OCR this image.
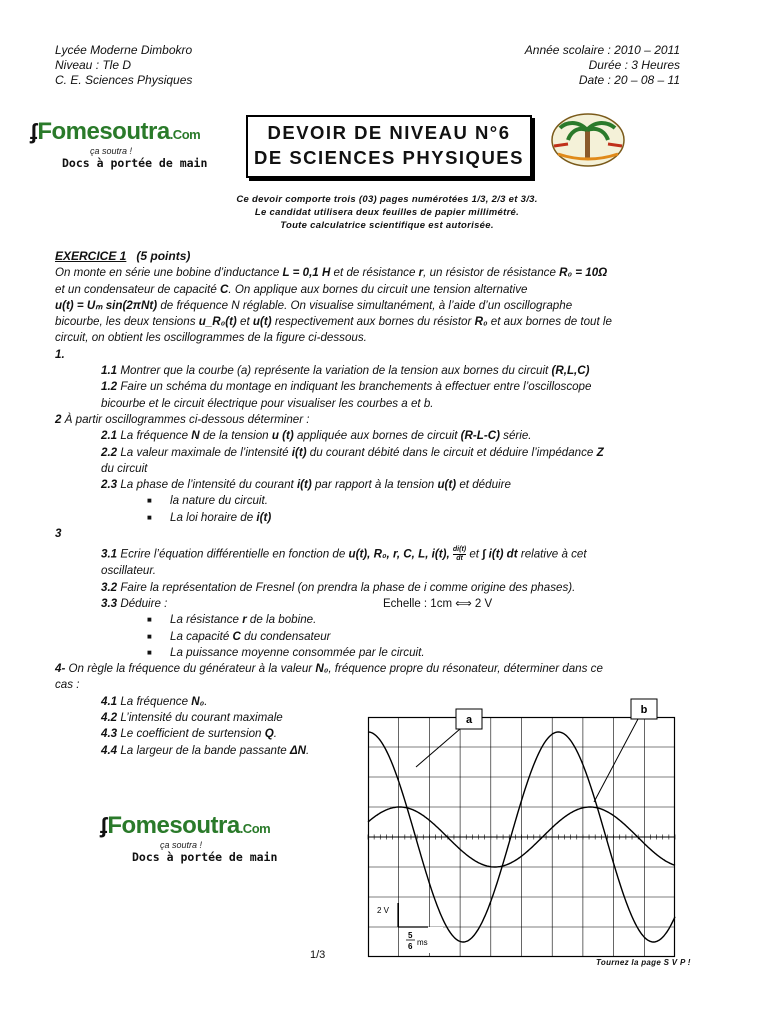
Lycée Moderne Dimbokro
Niveau : Tle D
C. E. Sciences Physiques
Année scolaire : 2010 – 2011
Durée : 3 Heures
Date : 20 – 08 – 11
ʄFomesoutra.Com
ça soutra !
Docs à portée de main
DEVOIR DE NIVEAU N°6
DE SCIENCES PHYSIQUES
Ce devoir comporte trois (03) pages numérotées 1/3, 2/3 et 3/3.
Le candidat utilisera deux feuilles de papier millimétré.
Toute calculatrice scientifique est autorisée.

EXERCICE 1 (5 points)

On monte en série une bobine d’inductance L = 0,1 H et de résistance r, un résistor de résistance R₀ = 10Ω

et un condensateur de capacité C. On applique aux bornes du circuit une tension alternative

u(t) = Uₘ sin(2πNt) de fréquence N réglable. On visualise simultanément, à l’aide d’un oscillographe

bicourbe, les deux tensions u_R₀(t) et u(t) respectivement aux bornes du résistor R₀ et aux bornes de tout le

circuit, on obtient les oscillogrammes de la figure ci-dessous.

1.

1.1 Montrer que la courbe (a) représente la variation de la tension aux bornes du circuit (R,L,C)

1.2 Faire un schéma du montage en indiquant les branchements à effectuer entre l’oscilloscope

bicourbe et le circuit électrique pour visualiser les courbes a et b.

2 À partir oscillogrammes ci-dessous déterminer :

2.1 La fréquence N de la tension u (t) appliquée aux bornes de circuit (R-L-C) série.

2.2 La valeur maximale de l’intensité i(t) du courant débité dans le circuit et déduire l’impédance Z

du circuit

2.3 La phase de l’intensité du courant i(t) par rapport à la tension u(t) et déduire

■ la nature du circuit.

■ La loi horaire de i(t)

3

3.1 Ecrire l’équation différentielle en fonction de u(t), R₀, r, C, L, i(t), $\frac{di(t)}{dt}$ et ∫ i(t) dt relative à cet

oscillateur.

3.2 Faire la représentation de Fresnel (on prendra la phase de i comme origine des phases).

3.3 Déduire :

■ La résistance r de la bobine.

■ La capacité C du condensateur

■ La puissance moyenne consommée par le circuit.

4- On règle la fréquence du générateur à la valeur N₀, fréquence propre du résonateur, déterminer dans ce

cas :

4.1 La fréquence N₀.

4.2 L’intensité du courant maximale

4.3 Le coefficient de surtension Q.

4.4 La largeur de la bande passante ΔN.

Echelle : 1cm ⟺ 2 V
ʄFomesoutra.Com
ça soutra !
Docs à portée de main
a
b
2 V
5
6 ms
1/3
Tournez la page S V P !
